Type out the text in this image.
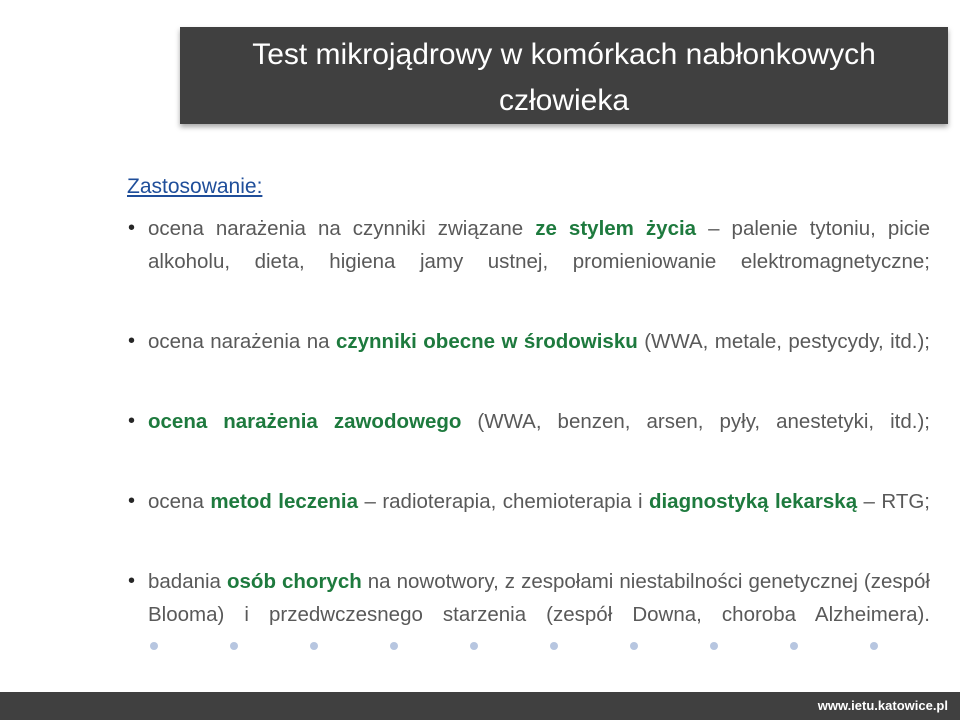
Test mikrojądrowy w komórkach nabłonkowych
człowieka
Zastosowanie:
• ocena narażenia na czynniki związane ze stylem życia – palenie tytoniu, picie alkoholu, dieta, higiena jamy ustnej, promieniowanie elektromagnetyczne;
• ocena narażenia na czynniki obecne w środowisku (WWA, metale, pestycydy, itd.);
• ocena narażenia zawodowego (WWA, benzen, arsen, pyły, anestetyki, itd.);
• ocena metod leczenia – radioterapia, chemioterapia i diagnostyką lekarską – RTG;
• badania osób chorych na nowotwory, z zespołami niestabilności genetycznej (zespół Blooma) i przedwczesnego starzenia (zespół Downa, choroba Alzheimera).
www.ietu.katowice.pl
